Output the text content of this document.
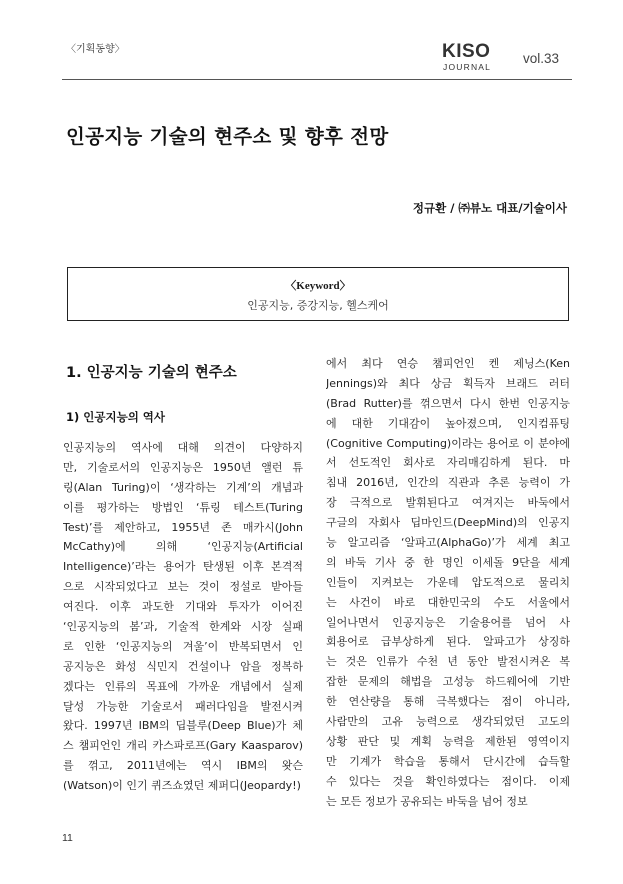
〈기획동향〉	KISO
JOURNAL
vol.33
인공지능 기술의 현주소 및 향후 전망
정규환 / ㈜뷰노 대표/기술이사
〈Keyword〉
인공지능, 증강지능, 헬스케어
1. 인공지능 기술의 현주소
1) 인공지능의 역사
인공지능의 역사에 대해 의견이 다양하지
만, 기술로서의 인공지능은 1950년 앨런 튜
링(Alan Turing)이 ‘생각하는 기계’의 개념과
이를 평가하는 방법인 ‘튜링 테스트(Turing
Test)’를 제안하고, 1955년 존 매카시(John
McCathy)에 의해 ‘인공지능(Artificial
Intelligence)’라는 용어가 탄생된 이후 본격적
으로 시작되었다고 보는 것이 정설로 받아들
여진다. 이후 과도한 기대와 투자가 이어진
‘인공지능의 봄’과, 기술적 한계와 시장 실패
로 인한 ‘인공지능의 겨울’이 반복되면서 인
공지능은 화성 식민지 건설이나 암을 정복하
겠다는 인류의 목표에 가까운 개념에서 실제
달성 가능한 기술로서 패러다임을 발전시켜
왔다. 1997년 IBM의 딥블루(Deep Blue)가 체
스 챔피언인 개리 카스파로프(Gary Kaasparov)
를 꺾고, 2011년에는 역시 IBM의 왓슨
(Watson)이 인기 퀴즈쇼였던 제퍼디(Jeopardy!)
에서 최다 연승 챔피언인 켄 제닝스(Ken
Jennings)와 최다 상금 획득자 브래드 러터
(Brad Rutter)를 꺾으면서 다시 한번 인공지능
에 대한 기대감이 높아졌으며, 인지컴퓨팅
(Cognitive Computing)이라는 용어로 이 분야에
서 선도적인 회사로 자리매김하게 된다. 마
침내 2016년, 인간의 직관과 추론 능력이 가
장 극적으로 발휘된다고 여겨지는 바둑에서
구글의 자회사 딥마인드(DeepMind)의 인공지
능 알고리즘 ‘알파고(AlphaGo)’가 세계 최고
의 바둑 기사 중 한 명인 이세돌 9단을 세계
인들이 지켜보는 가운데 압도적으로 물리치
는 사건이 바로 대한민국의 수도 서울에서
일어나면서 인공지능은 기술용어를 넘어 사
회용어로 급부상하게 된다. 알파고가 상징하
는 것은 인류가 수천 년 동안 발전시켜온 복
잡한 문제의 해법을 고성능 하드웨어에 기반
한 연산량을 통해 극복했다는 점이 아니라,
사람만의 고유 능력으로 생각되었던 고도의
상황 판단 및 계획 능력을 제한된 영역이지
만 기계가 학습을 통해서 단시간에 습득할
수 있다는 것을 확인하였다는 점이다. 이제
는 모든 정보가 공유되는 바둑을 넘어 정보
11
